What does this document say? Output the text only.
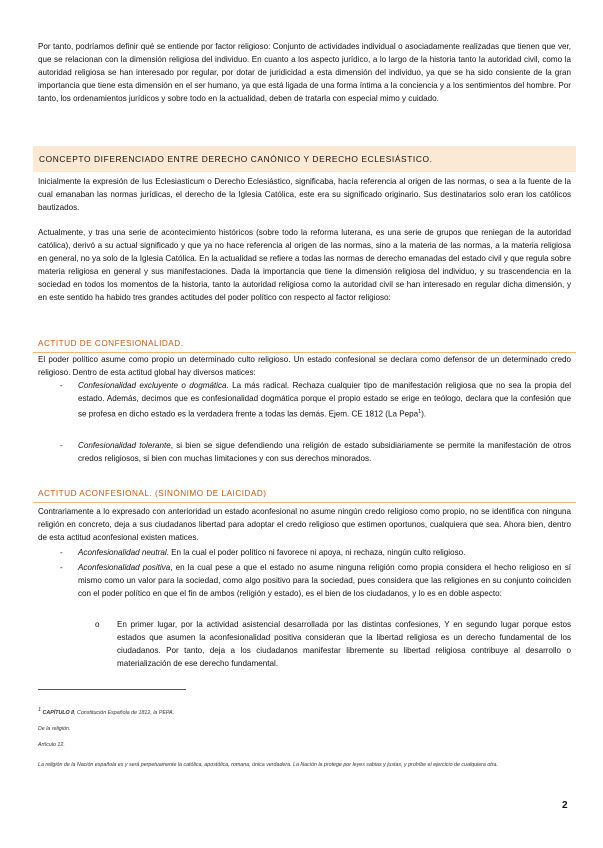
Por tanto, podríamos definir qué se entiende por factor religioso: Conjunto de actividades individual o asociadamente realizadas que tienen que ver, que se relacionan con la dimensión religiosa del individuo. En cuanto a los aspecto jurídico, a lo largo de la historia tanto la autoridad civil, como la autoridad religiosa se han interesado por regular, por dotar de juridicidad a esta dimensión del individuo, ya que se ha sido consiente de la gran importancia que tiene esta dimensión en el ser humano, ya que está ligada de una forma íntima a la conciencia y a los sentimientos del hombre. Por tanto, los ordenamientos jurídicos y sobre todo en la actualidad, deben de tratarla con especial mimo y cuidado.

CONCEPTO DIFERENCIADO ENTRE DERECHO CANÓNICO Y DERECHO ECLESIÁSTICO.

Inicialmente la expresión de Ius Eclesiasticum o Derecho Eclesiástico, significaba, hacía referencia al origen de las normas, o sea a la fuente de la cual emanaban las normas jurídicas, el derecho de la Iglesia Católica, este era su significado originario. Sus destinatarios solo eran los católicos bautizados.

Actualmente, y tras una serie de acontecimiento históricos (sobre todo la reforma luterana, es una serie de grupos que reniegan de la autoridad católica), derivó a su actual significado y que ya no hace referencia al origen de las normas, sino a la materia de las normas, a la materia religiosa en general, no ya solo de la Iglesia Católica. En la actualidad se refiere a todas las normas de derecho emanadas del estado civil y que regula sobre materia religiosa en general y sus manifestaciones. Dada la importancia que tiene la dimensión religiosa del individuo, y su trascendencia en la sociedad en todos los momentos de la historia, tanto la autoridad religiosa como la autoridad civil se han interesado en regular dicha dimensión, y en este sentido ha habido tres grandes actitudes del poder político con respecto al factor religioso:

ACTITUD DE CONFESIONALIDAD.

El poder político asume como propio un determinado culto religioso. Un estado confesional se declara como defensor de un determinado credo religioso. Dentro de esta actitud global hay diversos matices:

- Confesionalidad excluyente o dogmática. La más radical. Rechaza cualquier tipo de manifestación religiosa que no sea la propia del estado. Además, decimos que es confesionalidad dogmática porque el propio estado se erige en teólogo, declara que la confesión que se profesa en dicho estado es la verdadera frente a todas las demás. Ejem. CE 1812 (La Pepa$^1$).
- Confesionalidad tolerante, si bien se sigue defendiendo una religión de estado subsidiariamente se permite la manifestación de otros credos religiosos, si bien con muchas limitaciones y con sus derechos minorados.
ACTITUD ACONFESIONAL. (SINÓNIMO DE LAICIDAD)

Contrariamente a lo expresado con anterioridad un estado aconfesional no asume ningún credo religioso como propio, no se identifica con ninguna religión en concreto, deja a sus ciudadanos libertad para adoptar el credo religioso que estimen oportunos, cualquiera que sea. Ahora bien, dentro de esta actitud aconfesional existen matices.

- Aconfesionalidad neutral. En la cual el poder político ni favorece ni apoya, ni rechaza, ningún culto religioso.
- Aconfesionalidad positiva, en la cual pese a que el estado no asume ninguna religión como propia considera el hecho religioso en sí mismo como un valor para la sociedad, como algo positivo para la sociedad, pues considera que las religiones en su conjunto coinciden con el poder político en que el fin de ambos (religión y estado), es el bien de los ciudadanos, y lo es en doble aspecto:
o En primer lugar, por la actividad asistencial desarrollada por las distintas confesiones, Y en segundo lugar porque estos estados que asumen la aconfesionalidad positiva consideran que la libertad religiosa es un derecho fundamental de los ciudadanos. Por tanto, deja a los ciudadanos manifestar libremente su libertad religiosa contribuye al desarrollo o materialización de ese derecho fundamental.
$^1$ CAPÍTULO II, Constitución Española de 1812, la PEPA.
De la religión.
Artículo 12.
La religión de la Nación española es y será perpetuamente la católica, apostólica, romana, única verdadera. La Nación la protege por leyes sabias y justas, y prohíbe el ejercicio de cualquiera otra.
2
